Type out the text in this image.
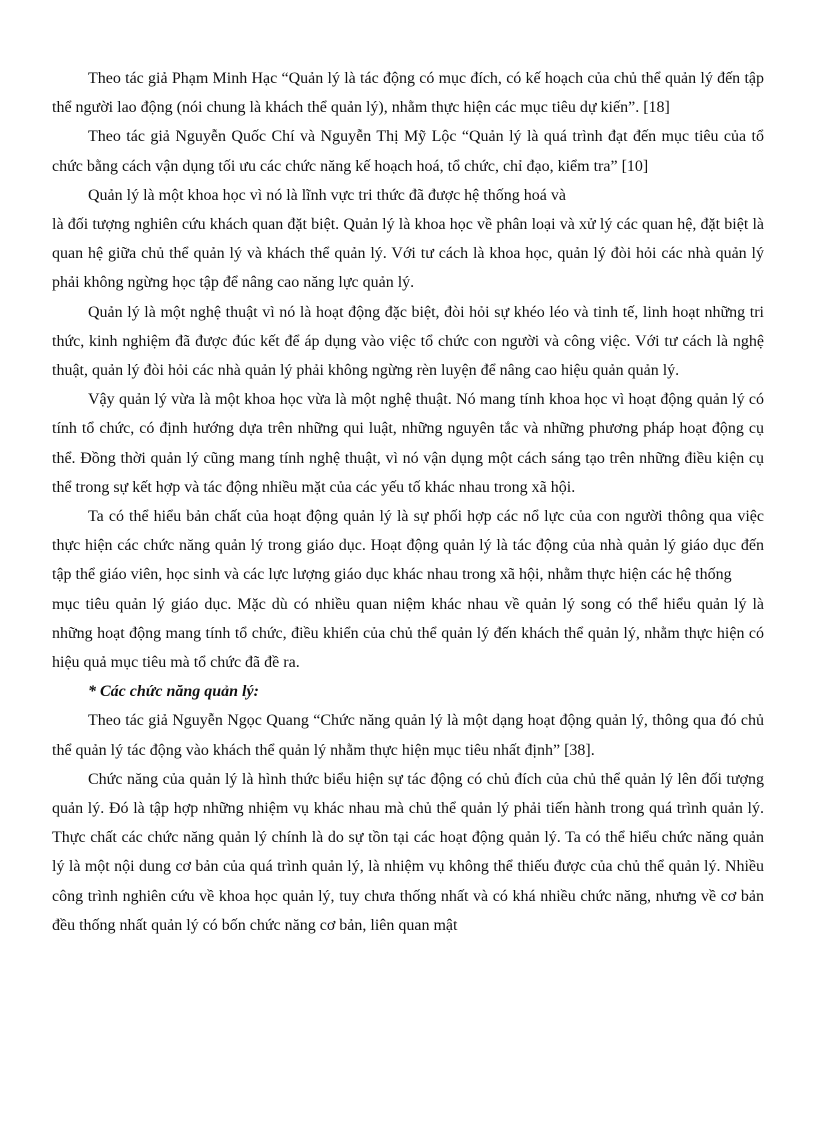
Theo tác giả Phạm Minh Hạc “Quản lý là tác động có mục đích, có kế hoạch của chủ thể quản lý đến tập thể người lao động (nói chung là khách thể quản lý), nhằm thực hiện các mục tiêu dự kiến”. [18]

Theo tác giả Nguyễn Quốc Chí và Nguyễn Thị Mỹ Lộc “Quản lý là quá trình đạt đến mục tiêu của tổ chức bằng cách vận dụng tối ưu các chức năng kế hoạch hoá, tổ chức, chỉ đạo, kiểm tra” [10]

Quản lý là một khoa học vì nó là lĩnh vực tri thức đã được hệ thống hoá và

là đối tượng nghiên cứu khách quan đặt biệt. Quản lý là khoa học về phân loại và xử lý các quan hệ, đặt biệt là quan hệ giữa chủ thể quản lý và khách thể quản lý. Với tư cách là khoa học, quản lý đòi hỏi các nhà quản lý phải không ngừng học tập để nâng cao năng lực quản lý.

Quản lý là một nghệ thuật vì nó là hoạt động đặc biệt, đòi hỏi sự khéo léo và tinh tế, linh hoạt những tri thức, kinh nghiệm đã được đúc kết để áp dụng vào việc tổ chức con người và công việc. Với tư cách là nghệ thuật, quản lý đòi hỏi các nhà quản lý phải không ngừng rèn luyện để nâng cao hiệu quản quản lý.

Vậy quản lý vừa là một khoa học vừa là một nghệ thuật. Nó mang tính khoa học vì hoạt động quản lý có tính tổ chức, có định hướng dựa trên những qui luật, những nguyên tắc và những phương pháp hoạt động cụ thể. Đồng thời quản lý cũng mang tính nghệ thuật, vì nó vận dụng một cách sáng tạo trên những điều kiện cụ thể trong sự kết hợp và tác động nhiều mặt của các yếu tố khác nhau trong xã hội.

Ta có thể hiểu bản chất của hoạt động quản lý là sự phối hợp các nổ lực của con người thông qua việc thực hiện các chức năng quản lý trong giáo dục. Hoạt động quản lý là tác động của nhà quản lý giáo dục đến tập thể giáo viên, học sinh và các lực lượng giáo dục khác nhau trong xã hội, nhằm thực hiện các hệ thống

mục tiêu quản lý giáo dục. Mặc dù có nhiều quan niệm khác nhau về quản lý song có thể hiểu quản lý là những hoạt động mang tính tổ chức, điều khiển của chủ thể quản lý đến khách thể quản lý, nhằm thực hiện có hiệu quả mục tiêu mà tổ chức đã đề ra.

* Các chức năng quản lý:

Theo tác giả Nguyễn Ngọc Quang “Chức năng quản lý là một dạng hoạt động quản lý, thông qua đó chủ thể quản lý tác động vào khách thể quản lý nhằm thực hiện mục tiêu nhất định” [38].

Chức năng của quản lý là hình thức biểu hiện sự tác động có chủ đích của chủ thể quản lý lên đối tượng quản lý. Đó là tập hợp những nhiệm vụ khác nhau mà chủ thể quản lý phải tiến hành trong quá trình quản lý. Thực chất các chức năng quản lý chính là do sự tồn tại các hoạt động quản lý. Ta có thể hiểu chức năng quản lý là một nội dung cơ bản của quá trình quản lý, là nhiệm vụ không thể thiếu được của chủ thể quản lý. Nhiều công trình nghiên cứu về khoa học quản lý, tuy chưa thống nhất và có khá nhiều chức năng, nhưng về cơ bản đều thống nhất quản lý có bốn chức năng cơ bản, liên quan mật
